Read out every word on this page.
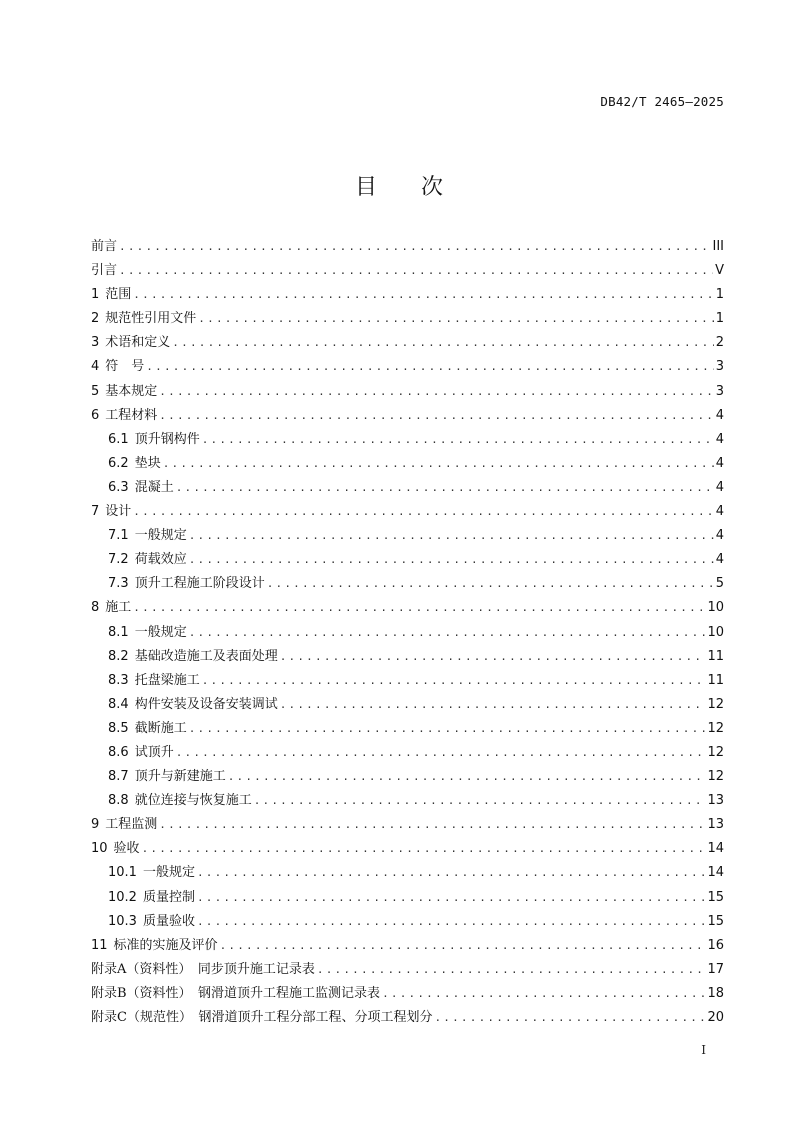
DB42/T 2465—2025
目 次
前言 .....	III
引言 .....	V
1 范围 .....	1
2 规范性引用文件 .....	1
3 术语和定义 .....	2
4 符　号 .....	3
5 基本规定 .....	3
6 工程材料 .....	4
6.1 顶升钢构件 .....	4
6.2 垫块 .....	4
6.3 混凝土 .....	4
7 设计 .....	4
7.1 一般规定 .....	4
7.2 荷载效应 .....	4
7.3 顶升工程施工阶段设计 .....	5
8 施工 .....	10
8.1 一般规定 .....	10
8.2 基础改造施工及表面处理 .....	11
8.3 托盘梁施工 .....	11
8.4 构件安装及设备安装调试 .....	12
8.5 截断施工 .....	12
8.6 试顶升 .....	12
8.7 顶升与新建施工 .....	12
8.8 就位连接与恢复施工 .....	13
9 工程监测 .....	13
10 验收 .....	14
10.1 一般规定 .....	14
10.2 质量控制 .....	15
10.3 质量验收 .....	15
11 标准的实施及评价 .....	16
附录A（资料性）　同步顶升施工记录表 .....	17
附录B（资料性）　钢滑道顶升工程施工监测记录表 .....	18
附录C（规范性）　钢滑道顶升工程分部工程、分项工程划分 .....	20
I
